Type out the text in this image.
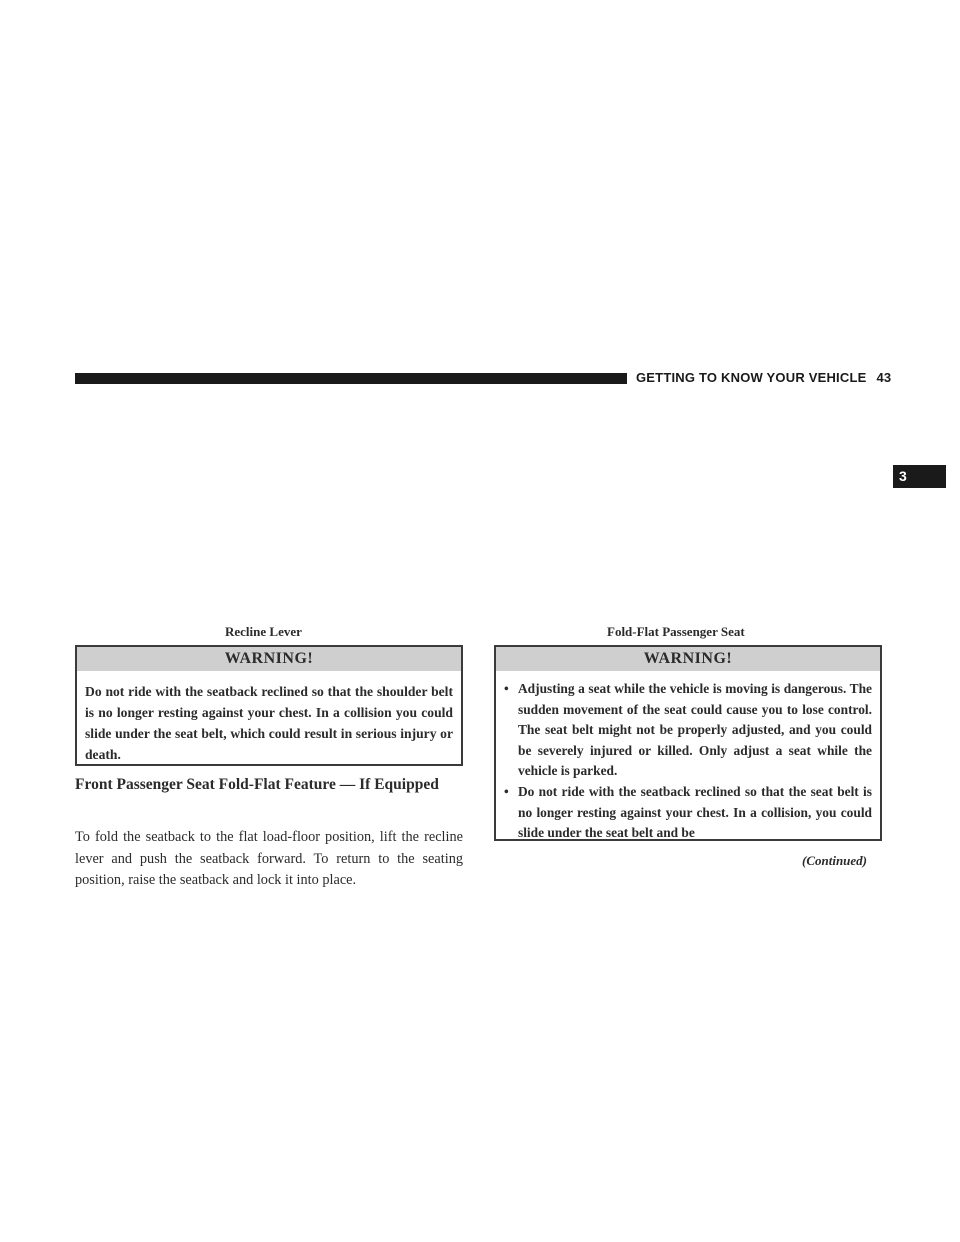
GETTING TO KNOW YOUR VEHICLE 43
3
Recline Lever	Fold-Flat Passenger Seat
WARNING!
Do not ride with the seatback reclined so that the shoulder belt is no longer resting against your chest. In a collision you could slide under the seat belt, which could result in serious injury or death.
Front Passenger Seat Fold-Flat Feature — If Equipped
To fold the seatback to the flat load-floor position, lift the recline lever and push the seatback forward. To return to the seating position, raise the seatback and lock it into place.
WARNING!
• Adjusting a seat while the vehicle is moving is dangerous. The sudden movement of the seat could cause you to lose control. The seat belt might not be properly adjusted, and you could be severely injured or killed. Only adjust a seat while the vehicle is parked.
• Do not ride with the seatback reclined so that the seat belt is no longer resting against your chest. In a collision, you could slide under the seat belt and be
(Continued)
